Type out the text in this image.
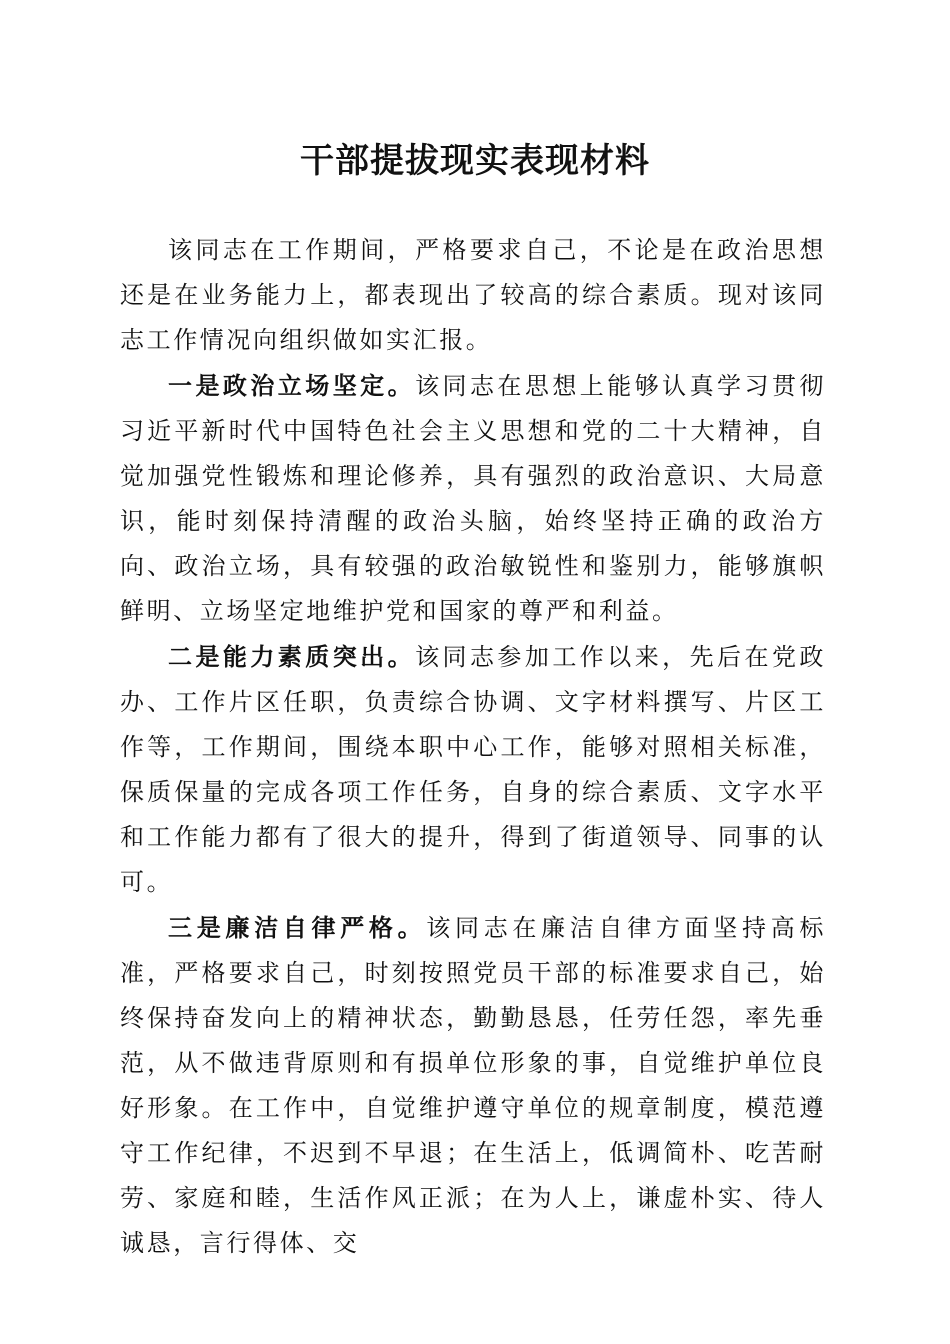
干部提拔现实表现材料

该同志在工作期间，严格要求自己，不论是在政治思想还是在业务能力上，都表现出了较高的综合素质。现对该同志工作情况向组织做如实汇报。

一是政治立场坚定。该同志在思想上能够认真学习贯彻习近平新时代中国特色社会主义思想和党的二十大精神，自觉加强党性锻炼和理论修养，具有强烈的政治意识、大局意识，能时刻保持清醒的政治头脑，始终坚持正确的政治方向、政治立场，具有较强的政治敏锐性和鉴别力，能够旗帜鲜明、立场坚定地维护党和国家的尊严和利益。

二是能力素质突出。该同志参加工作以来，先后在党政办、工作片区任职，负责综合协调、文字材料撰写、片区工作等，工作期间，围绕本职中心工作，能够对照相关标准，保质保量的完成各项工作任务，自身的综合素质、文字水平和工作能力都有了很大的提升，得到了街道领导、同事的认可。

三是廉洁自律严格。该同志在廉洁自律方面坚持高标准，严格要求自己，时刻按照党员干部的标准要求自己，始终保持奋发向上的精神状态，勤勤恳恳，任劳任怨，率先垂范，从不做违背原则和有损单位形象的事，自觉维护单位良好形象。在工作中，自觉维护遵守单位的规章制度，模范遵守工作纪律，不迟到不早退；在生活上，低调简朴、吃苦耐劳、家庭和睦，生活作风正派；在为人上，谦虚朴实、待人诚恳，言行得体、交
